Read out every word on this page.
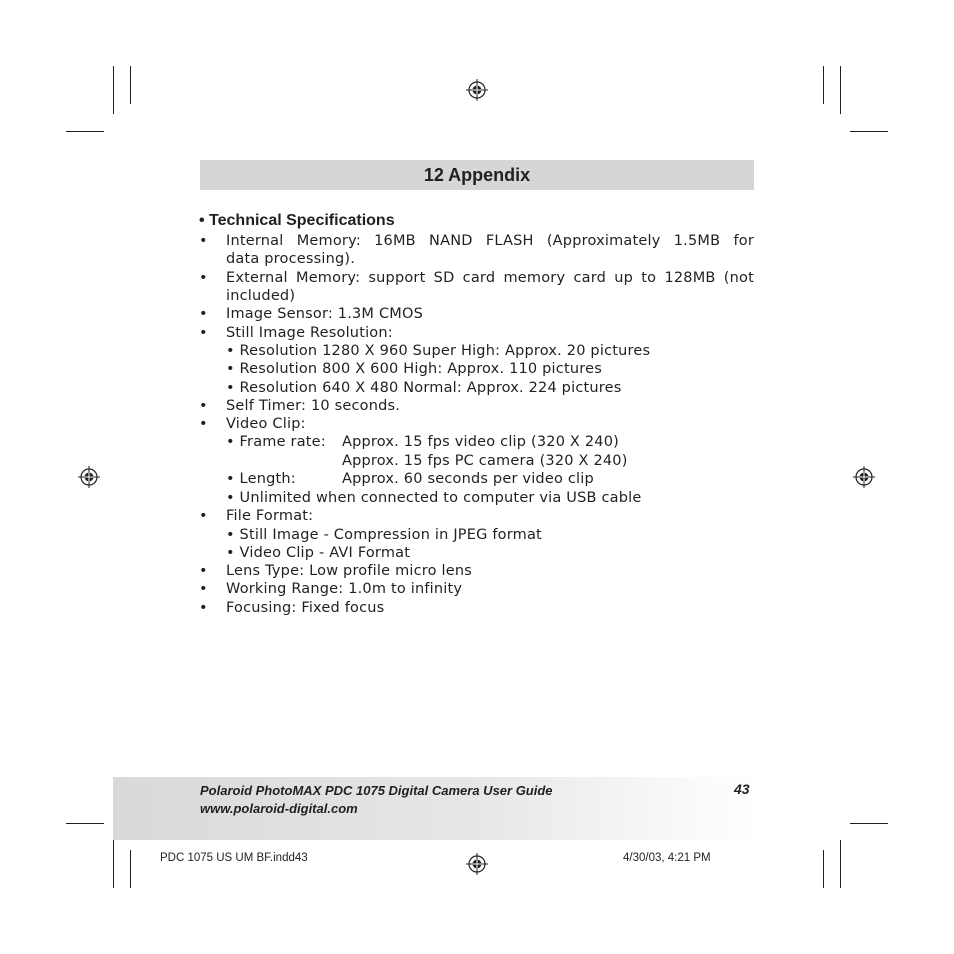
12 Appendix
• Technical Specifications
• Internal Memory: 16MB NAND FLASH (Approximately 1.5MB for
data processing).
• External Memory: support SD card memory card up to 128MB (not
included)
• Image Sensor: 1.3M CMOS
• Still Image Resolution:
• Resolution 1280 X 960 Super High: Approx. 20 pictures
• Resolution 800 X 600 High: Approx. 110 pictures
• Resolution 640 X 480 Normal: Approx. 224 pictures
• Self Timer: 10 seconds.
• Video Clip:
• Frame rate: Approx. 15 fps video clip (320 X 240)
Approx. 15 fps PC camera (320 X 240)
• Length:	Approx. 60 seconds per video clip
• Unlimited when connected to computer via USB cable
• File Format:
• Still Image - Compression in JPEG format
• Video Clip - AVI Format
• Lens Type: Low profile micro lens
• Working Range: 1.0m to infinity
• Focusing: Fixed focus
Polaroid PhotoMAX PDC 1075 Digital Camera User Guide
www.polaroid-digital.com
43
PDC 1075 US UM BF.indd43	4/30/03, 4:21 PM
